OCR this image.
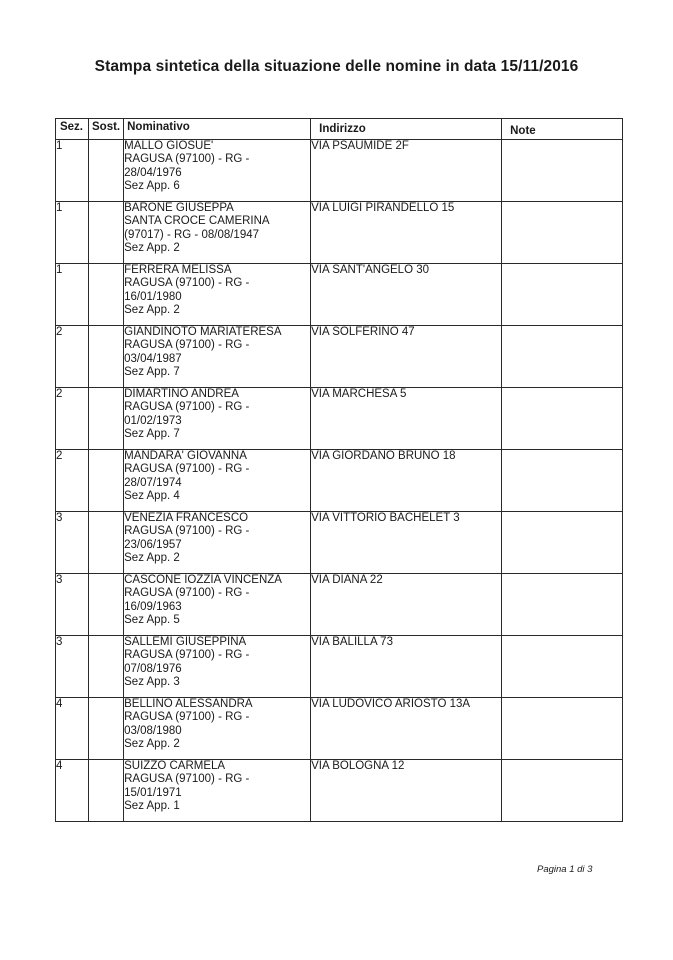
Stampa sintetica della situazione delle nomine in data 15/11/2016
Sez.	Sost.	Nominativo	Indirizzo	Note
1		MALLO GIOSUE'
RAGUSA (97100) - RG -
28/04/1976
Sez App. 6	VIA PSAUMIDE 2F	
1		BARONE GIUSEPPA
SANTA CROCE CAMERINA
(97017) - RG - 08/08/1947
Sez App. 2	VIA LUIGI PIRANDELLO 15	
1		FERRERA MELISSA
RAGUSA (97100) - RG -
16/01/1980
Sez App. 2	VIA SANT'ANGELO 30	
2		GIANDINOTO MARIATERESA
RAGUSA (97100) - RG -
03/04/1987
Sez App. 7	VIA SOLFERINO 47	
2		DIMARTINO ANDREA
RAGUSA (97100) - RG -
01/02/1973
Sez App. 7	VIA MARCHESA 5	
2		MANDARA' GIOVANNA
RAGUSA (97100) - RG -
28/07/1974
Sez App. 4	VIA GIORDANO BRUNO 18	
3		VENEZIA FRANCESCO
RAGUSA (97100) - RG -
23/06/1957
Sez App. 2	VIA VITTORIO BACHELET 3	
3		CASCONE IOZZIA VINCENZA
RAGUSA (97100) - RG -
16/09/1963
Sez App. 5	VIA DIANA 22	
3		SALLEMI GIUSEPPINA
RAGUSA (97100) - RG -
07/08/1976
Sez App. 3	VIA BALILLA 73	
4		BELLINO ALESSANDRA
RAGUSA (97100) - RG -
03/08/1980
Sez App. 2	VIA LUDOVICO ARIOSTO 13A	
4		SUIZZO CARMELA
RAGUSA (97100) - RG -
15/01/1971
Sez App. 1	VIA BOLOGNA 12	
Pagina 1 di 3
